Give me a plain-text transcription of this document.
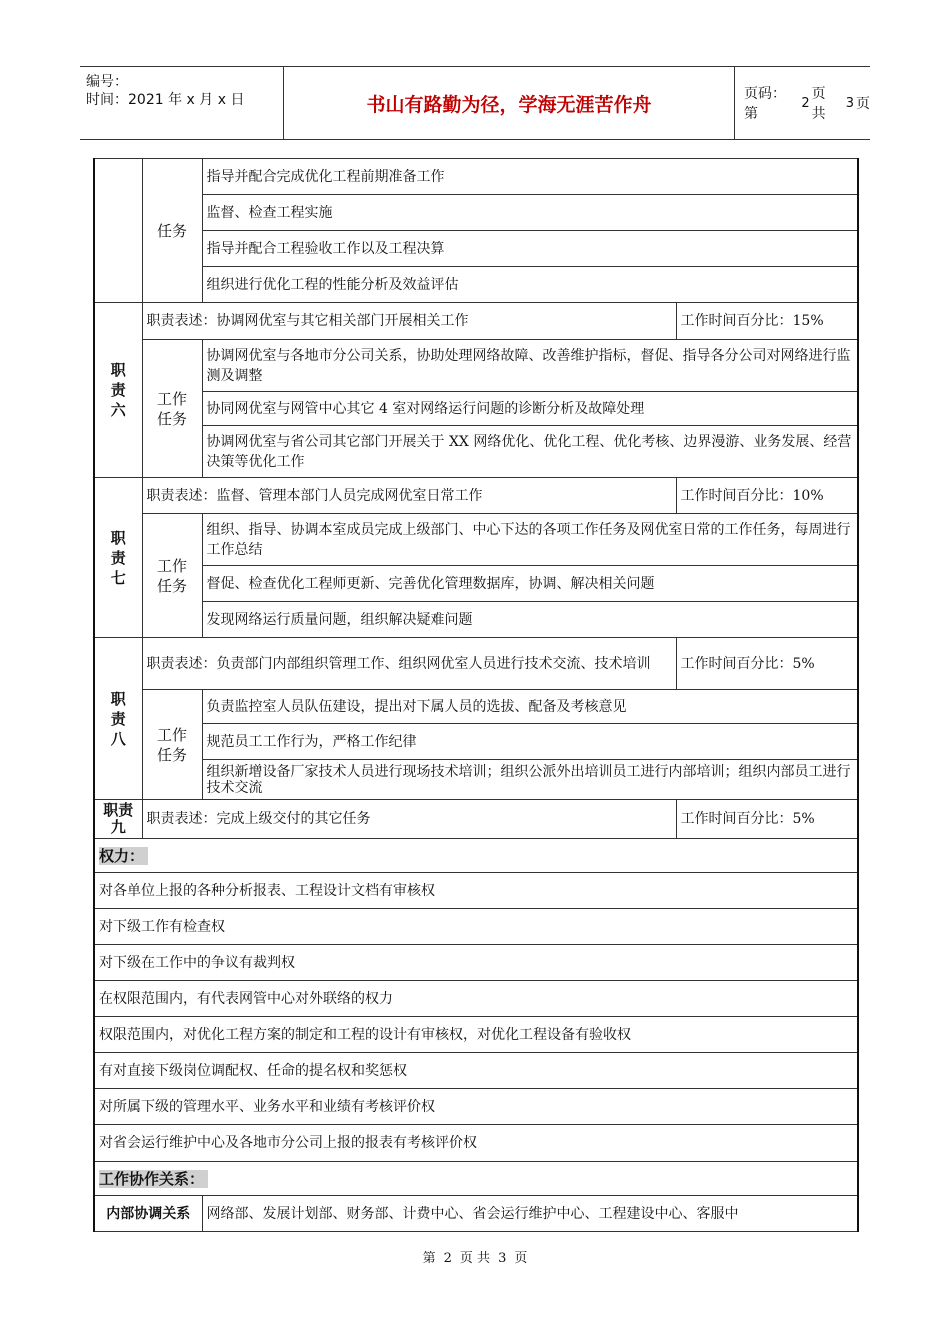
编号：
时间：2021 年 x 月 x 日	书山有路勤为径，学海无涯苦作舟	页码：第
2
页 共
3 页
	任务	指导并配合完成优化工程前期准备工作	
		监督、检查工程实施	
		指导并配合工程验收工作以及工程决算	
		组织进行优化工程的性能分析及效益评估	

职责六	职责表述：协调网优室与其它相关部门开展相关工作		工作时间百分比：15%

	工作任务	协调网优室与各地市分公司关系，协助处理网络故障、改善维护指标，督促、指导各分公司对网络进行监测及调整	
		协同网优室与网管中心其它 4 室对网络运行问题的诊断分析及故障处理	
		协调网优室与省公司其它部门开展关于 XX 网络优化、优化工程、优化考核、边界漫游、业务发展、经营决策等优化工作	

职责七	职责表述：监督、管理本部门人员完成网优室日常工作		工作时间百分比：10%

	工作任务	组织、指导、协调本室成员完成上级部门、中心下达的各项工作任务及网优室日常的工作任务，每周进行工作总结	
		督促、检查优化工程师更新、完善优化管理数据库，协调、解决相关问题	
		发现网络运行质量问题，组织解决疑难问题	

职责八	职责表述：负责部门内部组织管理工作、组织网优室人员进行技术交流、技术培训		工作时间百分比：5%

	工作任务	负责监控室人员队伍建设，提出对下属人员的选拔、配备及考核意见	
		规范员工工作行为，严格工作纪律	
		组织新增设备厂家技术人员进行现场技术培训；组织公派外出培训员工进行内部培训；组织内部员工进行技术交流	

职责九	职责表述：完成上级交付的其它任务		工作时间百分比：5%
权力：			
对各单位上报的各种分析报表、工程设计文档有审核权			
对下级工作有检查权			
对下级在工作中的争议有裁判权			
在权限范围内，有代表网管中心对外联络的权力			
权限范围内，对优化工程方案的制定和工程的设计有审核权，对优化工程设备有验收权			
有对直接下级岗位调配权、任命的提名权和奖惩权			
对所属下级的管理水平、业务水平和业绩有考核评价权			
对省会运行维护中心及各地市分公司上报的报表有考核评价权			
工作协作关系：			
内部协调关系		网络部、发展计划部、财务部、计费中心、省会运行维护中心、工程建设中心、客服中	
第 2 页 共 3 页
